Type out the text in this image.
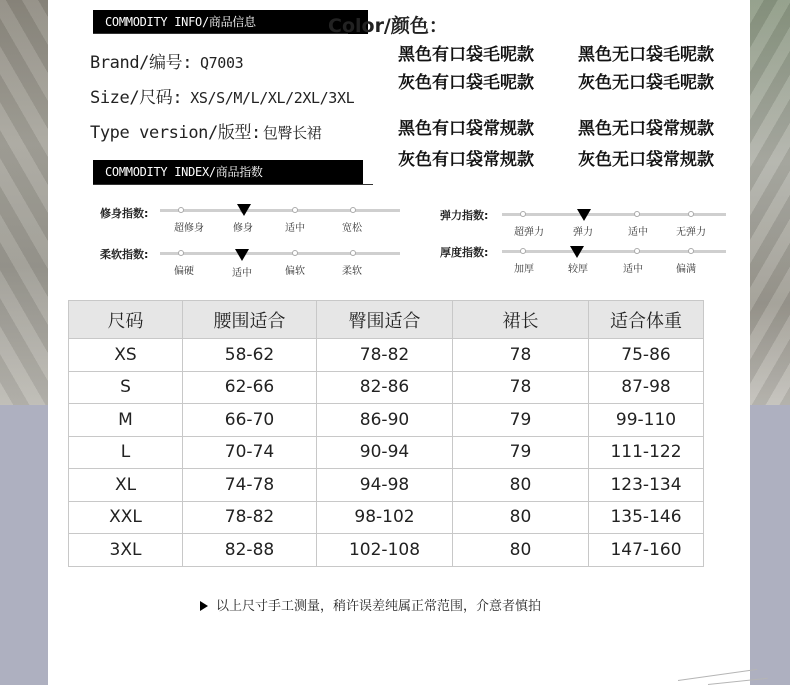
COMMODITY INFO/商品信息
Brand/编号: Q7003
Size/尺码: XS/S/M/L/XL/2XL/3XL
Type version/版型: 包臀长裙
Color/颜色：
黑色有口袋毛呢款	黑色无口袋毛呢款
灰色有口袋毛呢款	灰色无口袋毛呢款
黑色有口袋常规款	黑色无口袋常规款
灰色有口袋常规款	灰色无口袋常规款
COMMODITY INDEX/商品指数
修身指数:
超修身	修身	适中	宽松
柔软指数:
偏硬	适中	偏软	柔软
弹力指数:
超弹力	弹力	适中	无弹力
厚度指数:
加厚	较厚	适中	偏满
尺码	腰围适合	臀围适合	裙长	适合体重
XS	58-62	78-82	78	75-86
S	62-66	82-86	78	87-98
M	66-70	86-90	79	99-110
L	70-74	90-94	79	111-122
XL	74-78	94-98	80	123-134
XXL	78-82	98-102	80	135-146
3XL	82-88	102-108	80	147-160
以上尺寸手工测量，稍许误差纯属正常范围，介意者慎拍
